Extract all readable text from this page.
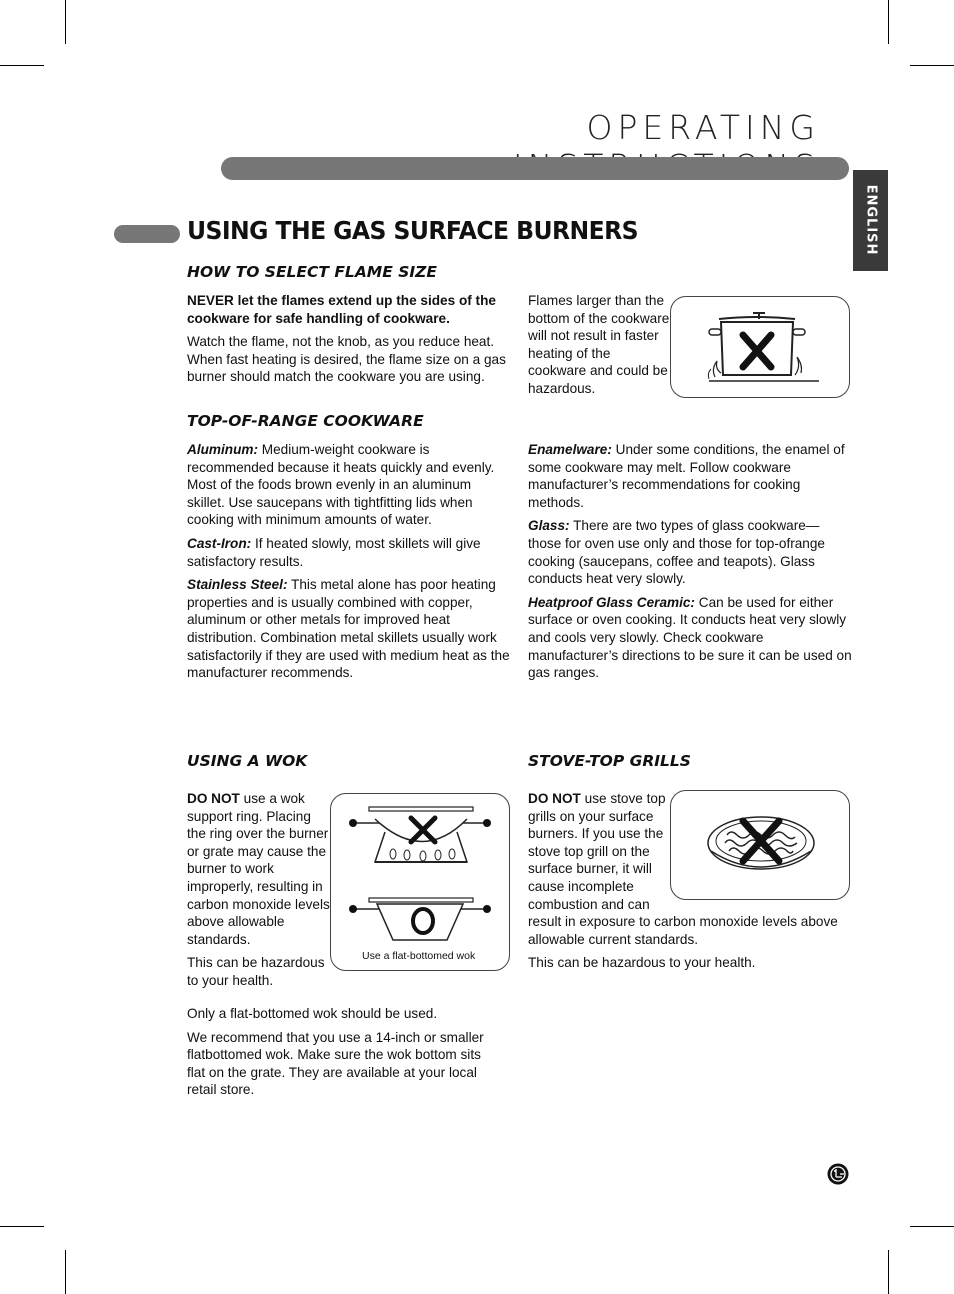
OPERATING
ENGLISH
USING THE GAS SURFACE BURNERS
HOW TO SELECT FLAME SIZE

NEVER let the flames extend up the sides of the cookware for safe handling of cookware.

Watch the flame, not the knob, as you reduce heat. When fast heating is desired, the flame size on a gas burner should match the cookware you are using.

Flames larger than the
bottom of the cookware
will not result in faster
heating of the
cookware and could be
hazardous.
TOP-OF-RANGE COOKWARE

Aluminum: Medium-weight cookware is recommended because it heats quickly and evenly. Most of the foods brown evenly in an aluminum skillet. Use saucepans with tightfitting lids when cooking with minimum amounts of water.

Cast-Iron: If heated slowly, most skillets will give satisfactory results.

Stainless Steel: This metal alone has poor heating properties and is usually combined with copper, aluminum or other metals for improved heat distribution. Combination metal skillets usually work satisfactorily if they are used with medium heat as the manufacturer recommends.

Enamelware: Under some conditions, the enamel of some cookware may melt. Follow cookware manufacturer’s recommendations for cooking methods.

Glass: There are two types of glass cookware—those for oven use only and those for top-ofrange cooking (saucepans, coffee and teapots). Glass conducts heat very slowly.

Heatproof Glass Ceramic: Can be used for either surface or oven cooking. It conducts heat very slowly and cools very slowly. Check cookware manufacturer’s directions to be sure it can be used on gas ranges.

USING A WOK
DO NOT use a wok
support ring. Placing
the ring over the burner
or grate may cause the
burner to work
improperly, resulting in
carbon monoxide levels
above allowable
standards.
This can be hazardous
to your health.

Only a flat-bottomed wok should be used.

We recommend that you use a 14-inch or smaller flatbottomed wok. Make sure the wok bottom sits flat on the grate. They are available at your local retail store.

Use a flat-bottomed wok
STOVE-TOP GRILLS
DO NOT use stove top
grills on your surface
burners. If you use the
stove top grill on the
surface burner, it will
cause incomplete
combustion and can

result in exposure to carbon monoxide levels above allowable current standards.

This can be hazardous to your health.
